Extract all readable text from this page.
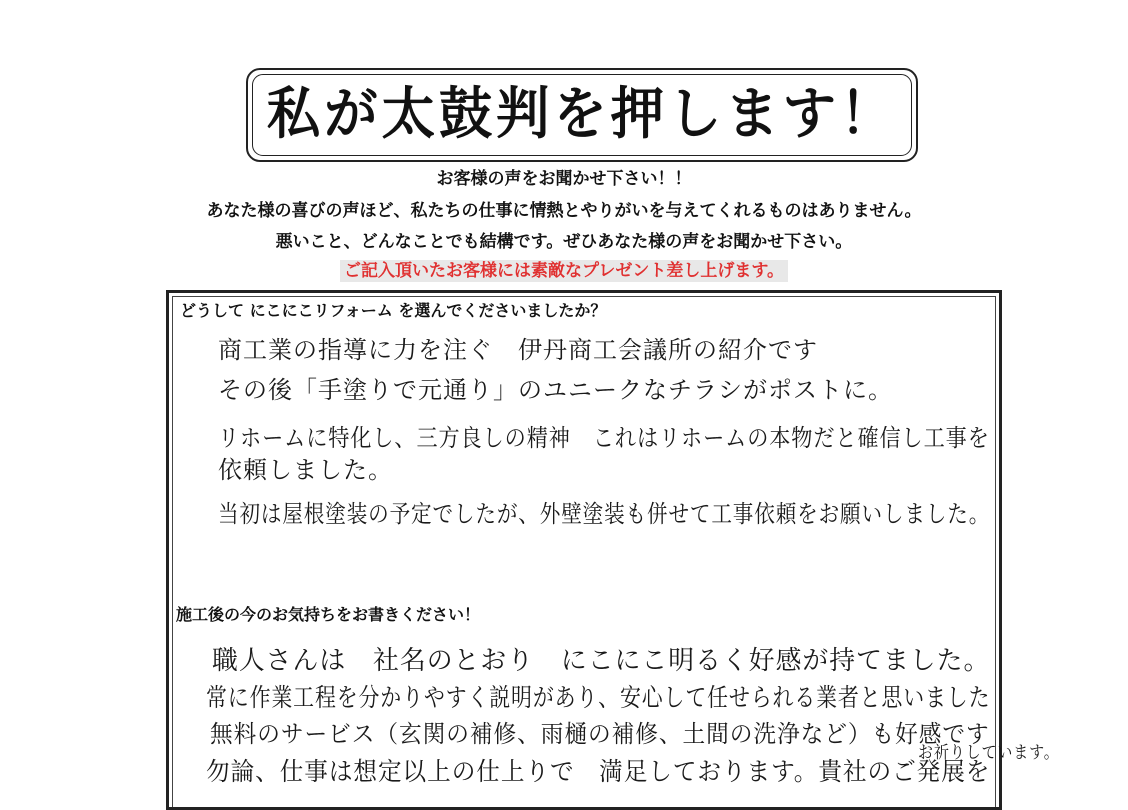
私が太鼓判を押します！
お客様の声をお聞かせ下さい！！
あなた様の喜びの声ほど、私たちの仕事に情熱とやりがいを与えてくれるものはありません。
悪いこと、どんなことでも結構です。ぜひあなた様の声をお聞かせ下さい。
ご記入頂いたお客様には素敵なプレゼント差し上げます。
どうして にこにこリフォーム を選んでくださいましたか？
商工業の指導に力を注ぐ　伊丹商工会議所の紹介です
その後「手塗りで元通り」のユニークなチラシがポストに。
リホームに特化し、三方良しの精神　これはリホームの本物だと確信し工事を
依頼しました。
当初は屋根塗装の予定でしたが、外壁塗装も併せて工事依頼をお願いしました。
施工後の今のお気持ちをお書きください！
職人さんは　社名のとおり　にこにこ明るく好感が持てました。
常に作業工程を分かりやすく説明があり、安心して任せられる業者と思いました
無料のサービス（玄関の補修、雨樋の補修、土間の洗浄など）も好感です
勿論、仕事は想定以上の仕上りで　満足しております。貴社のご発展を
お祈りしています。
